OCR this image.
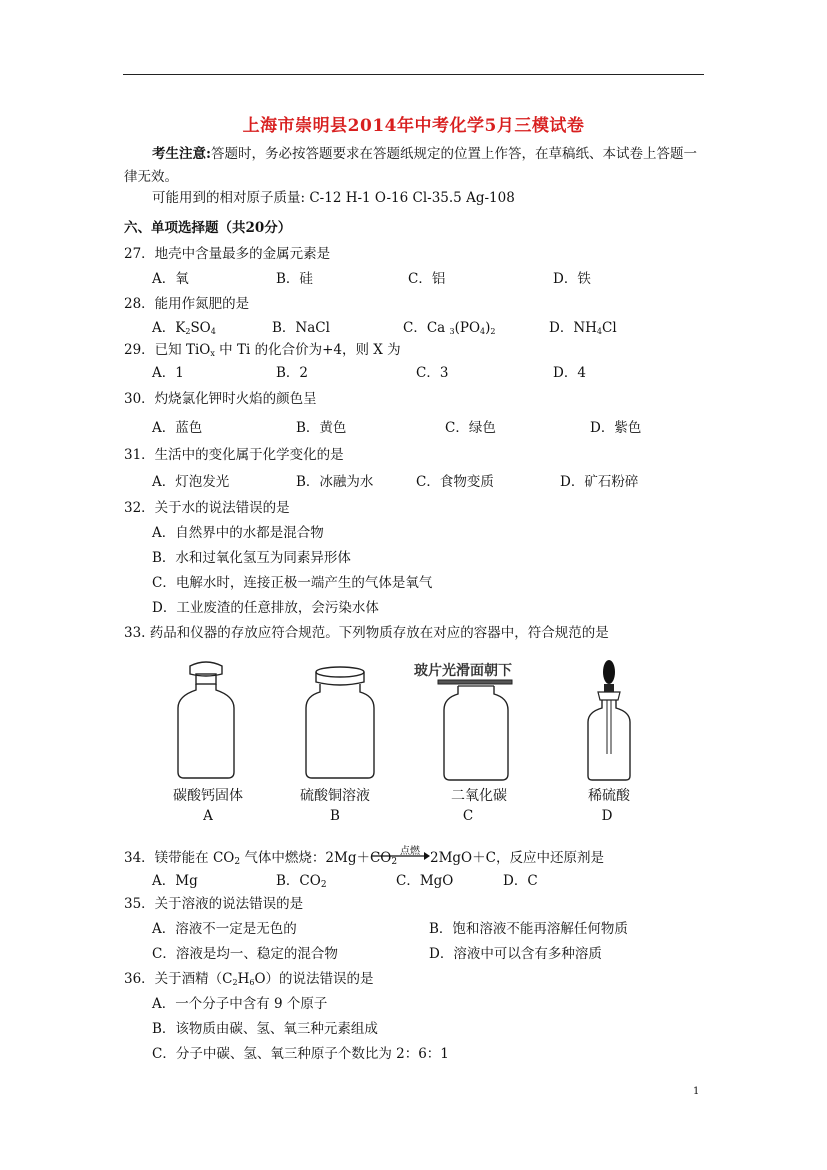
上海市崇明县2014年中考化学5月三模试卷
考生注意:答题时，务必按答题要求在答题纸规定的位置上作答，在草稿纸、本试卷上答题一律无效。
可能用到的相对原子质量: C-12 H-1 O-16 Cl-35.5 Ag-108
六、单项选择题（共20分）
27．地壳中含量最多的金属元素是
A．氧	B．硅	C．铝	D．铁
28．能用作氮肥的是
A．$K_2SO_4$	B．NaCl	C．Ca $_3(PO_4)_2$	D．$NH_4Cl$
29．已知 TiO$_x$ 中 Ti 的化合价为+4，则 X 为
A．1	B．2	C．3	D．4
30．灼烧氯化钾时火焰的颜色呈
A．蓝色	B．黄色	C．绿色	D．紫色
31．生活中的变化属于化学变化的是
A．灯泡发光	B．冰融为水	C．食物变质	D．矿石粉碎
32．关于水的说法错误的是
A．自然界中的水都是混合物
B．水和过氧化氢互为同素异形体
C．电解水时，连接正极一端产生的气体是氧气
D．工业废渣的任意排放，会污染水体
33. 药品和仪器的存放应符合规范。下列物质存放在对应的容器中，符合规范的是
玻片光滑面朝下
碳酸钙固体	硫酸铜溶液	二氧化碳	稀硫酸
A	B	C	D
34．镁带能在 CO2 气体中燃烧：2Mg＋CO2
点燃 2MgO＋C，反应中还原剂是
A．Mg	B．CO2	C．MgO	D．C
35．关于溶液的说法错误的是
A．溶液不一定是无色的	B．饱和溶液不能再溶解任何物质
C．溶液是均一、稳定的混合物	D．溶液中可以含有多种溶质
36．关于酒精$(C_2H_6O)$的说法错误的是
A．一个分子中含有 9 个原子
B．该物质由碳、氢、氧三种元素组成
C．分子中碳、氢、氧三种原子个数比为 2：6：1
1
